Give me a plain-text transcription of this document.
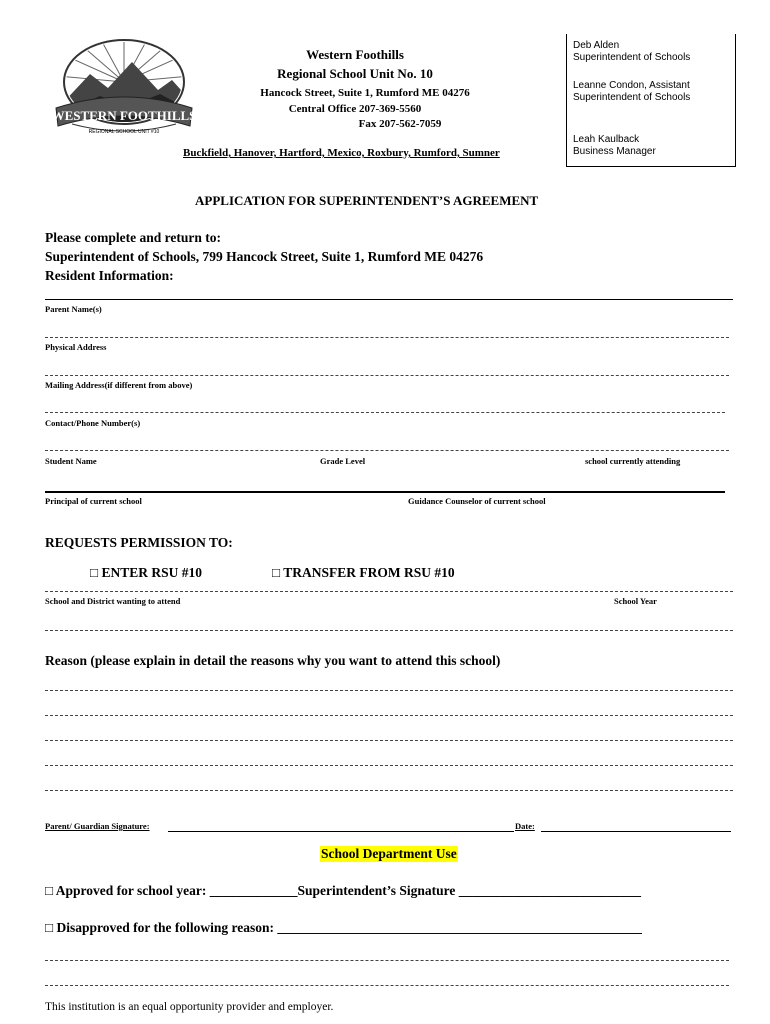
WESTERN FOOTHILLS
REGIONAL SCHOOL UNIT #10
Western Foothills
Regional School Unit No. 10
Hancock Street, Suite 1, Rumford ME 04276
Central Office 207-369-5560
Fax 207-562-7059
Buckfield, Hanover, Hartford, Mexico, Roxbury, Rumford, Sumner
Deb Alden
Superintendent of Schools
Leanne Condon, Assistant
Superintendent of Schools
Leah Kaulback
Business Manager
APPLICATION FOR SUPERINTENDENT’S AGREEMENT
Please complete and return to:
Superintendent of Schools, 799 Hancock Street, Suite 1, Rumford ME 04276
Resident Information:
Parent Name(s)
Physical Address
Mailing Address(if different from above)
Contact/Phone Number(s)
Student Name	Grade Level	school currently attending
Principal of current school	Guidance Counselor of current school
REQUESTS PERMISSION TO:
□ ENTER RSU #10	□ TRANSFER FROM RSU #10
School and District wanting to attend	School Year
Reason (please explain in detail the reasons why you want to attend this school)
Parent/ Guardian Signature:	Date:
School Department Use
□ Approved for school year: _____________Superintendent’s Signature ___________________________
□ Disapproved for the following reason: ______________________________________________________
This institution is an equal opportunity provider and employer.
